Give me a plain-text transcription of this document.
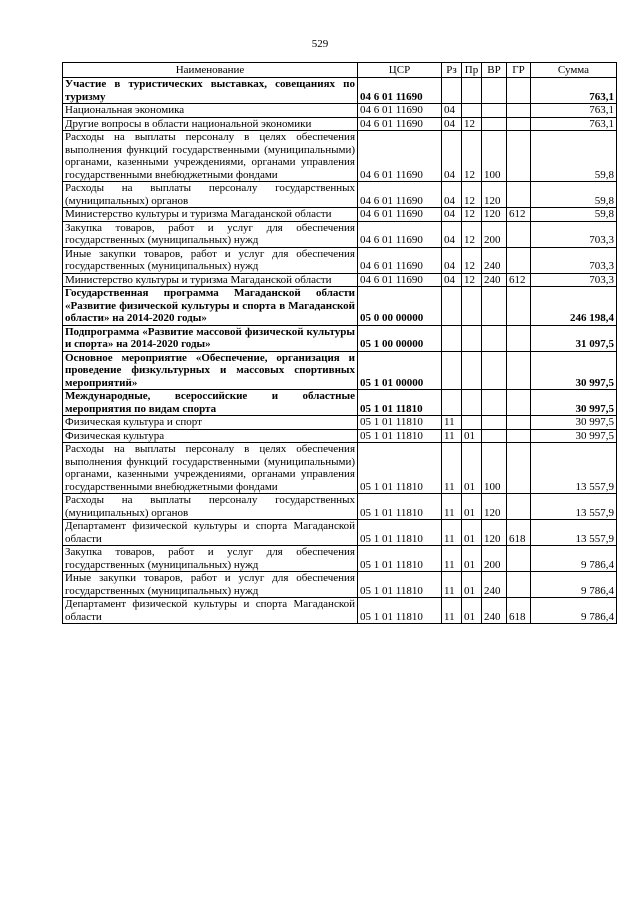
529
Наименование	ЦСР	Рз	Пр	ВР	ГР	Сумма
Участие в туристических выставках, совещаниях по туризму	04 6 01 11690					763,1
Национальная экономика	04 6 01 11690	04				763,1
Другие вопросы в области национальной экономики	04 6 01 11690	04	12			763,1
Расходы на выплаты персоналу в целях обеспечения выполнения функций государственными (муниципальными) органами, казенными учреждениями, органами управления государственными внебюджетными фондами	04 6 01 11690	04	12	100		59,8
Расходы на выплаты персоналу государственных (муниципальных) органов	04 6 01 11690	04	12	120		59,8
Министерство культуры и туризма Магаданской области	04 6 01 11690	04	12	120	612	59,8
Закупка товаров, работ и услуг для обеспечения государственных (муниципальных) нужд	04 6 01 11690	04	12	200		703,3
Иные закупки товаров, работ и услуг для обеспечения государственных (муниципальных) нужд	04 6 01 11690	04	12	240		703,3
Министерство культуры и туризма Магаданской области	04 6 01 11690	04	12	240	612	703,3
Государственная программа Магаданской области «Развитие физической культуры и спорта в Магаданской области» на 2014-2020 годы»	05 0 00 00000					246 198,4
Подпрограмма «Развитие массовой физической культуры и спорта» на 2014-2020 годы»	05 1 00 00000					31 097,5
Основное мероприятие «Обеспечение, организация и проведение физкультурных и массовых спортивных мероприятий»	05 1 01 00000					30 997,5
Международные, всероссийские и областные мероприятия по видам спорта	05 1 01 11810					30 997,5
Физическая культура и спорт	05 1 01 11810	11				30 997,5
Физическая культура	05 1 01 11810	11	01			30 997,5
Расходы на выплаты персоналу в целях обеспечения выполнения функций государственными (муниципальными) органами, казенными учреждениями, органами управления государственными внебюджетными фондами	05 1 01 11810	11	01	100		13 557,9
Расходы на выплаты персоналу государственных (муниципальных) органов	05 1 01 11810	11	01	120		13 557,9
Департамент физической культуры и спорта Магаданской области	05 1 01 11810	11	01	120	618	13 557,9
Закупка товаров, работ и услуг для обеспечения государственных (муниципальных) нужд	05 1 01 11810	11	01	200		9 786,4
Иные закупки товаров, работ и услуг для обеспечения государственных (муниципальных) нужд	05 1 01 11810	11	01	240		9 786,4
Департамент физической культуры и спорта Магаданской области	05 1 01 11810	11	01	240	618	9 786,4
